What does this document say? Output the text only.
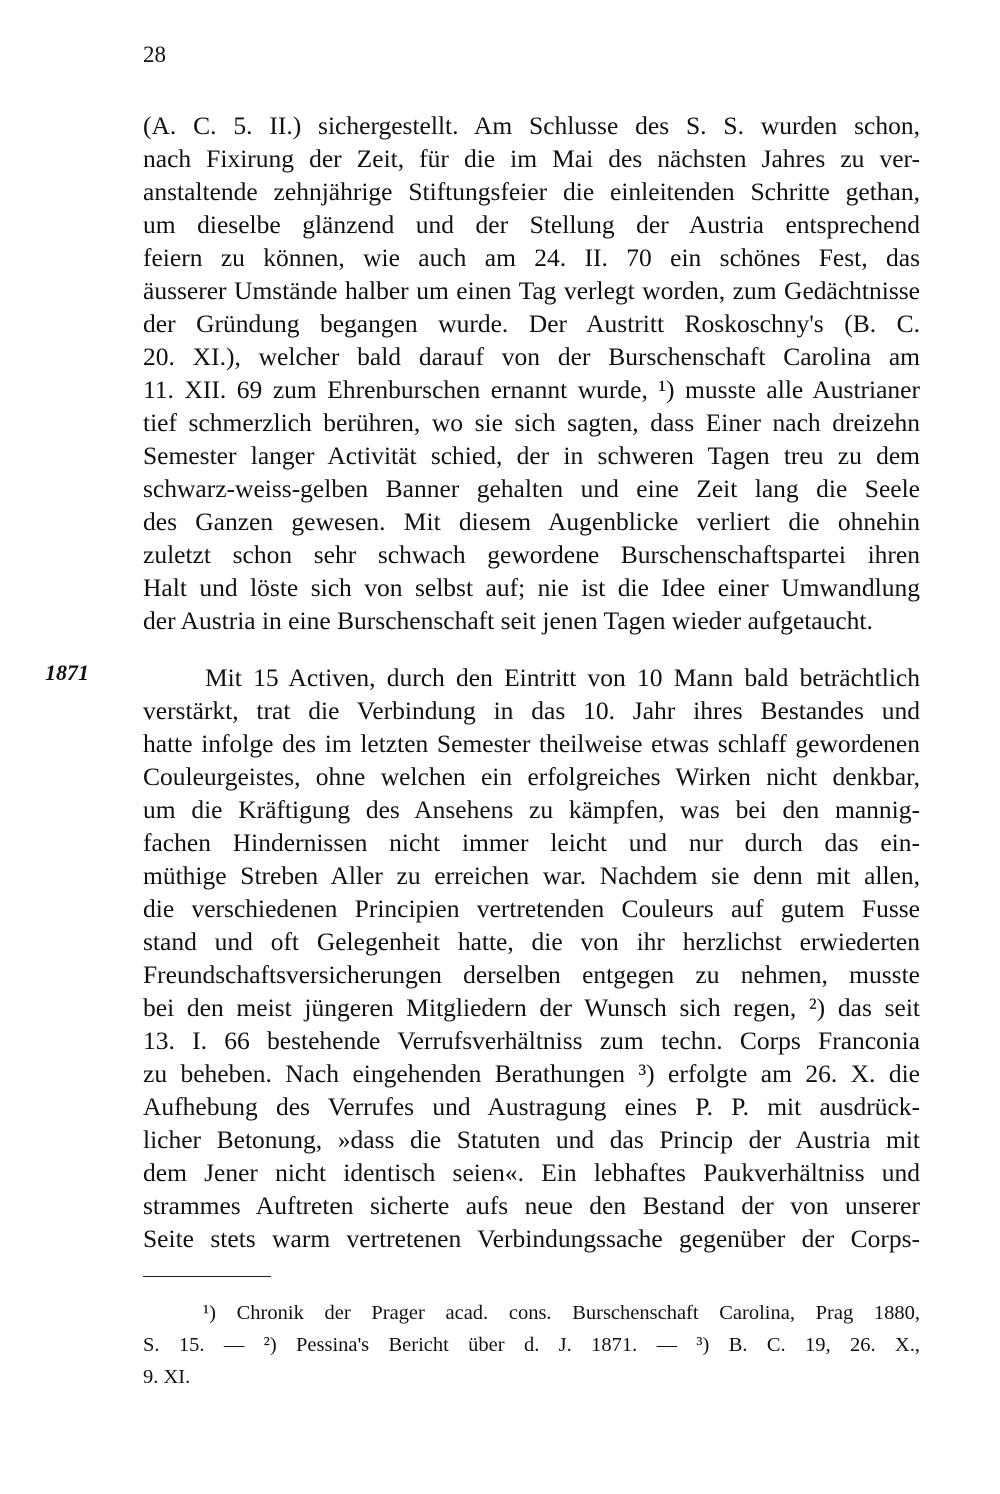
28
(A. C. 5. II.) sichergestellt. Am Schlusse des S. S. wurden schon,
nach Fixirung der Zeit, für die im Mai des nächsten Jahres zu ver-
anstaltende zehnjährige Stiftungsfeier die einleitenden Schritte gethan,
um dieselbe glänzend und der Stellung der Austria entsprechend
feiern zu können, wie auch am 24. II. 70 ein schönes Fest, das
äusserer Umstände halber um einen Tag verlegt worden, zum Gedächtnisse
der Gründung begangen wurde. Der Austritt Roskoschny's (B. C.
20. XI.), welcher bald darauf von der Burschenschaft Carolina am
11. XII. 69 zum Ehrenburschen ernannt wurde, ¹) musste alle Austrianer
tief schmerzlich berühren, wo sie sich sagten, dass Einer nach dreizehn
Semester langer Activität schied, der in schweren Tagen treu zu dem
schwarz-weiss-gelben Banner gehalten und eine Zeit lang die Seele
des Ganzen gewesen. Mit diesem Augenblicke verliert die ohnehin
zuletzt schon sehr schwach gewordene Burschenschaftspartei ihren
Halt und löste sich von selbst auf; nie ist die Idee einer Umwandlung
der Austria in eine Burschenschaft seit jenen Tagen wieder aufgetaucht.
1871	Mit 15 Activen, durch den Eintritt von 10 Mann bald beträchtlich
verstärkt, trat die Verbindung in das 10. Jahr ihres Bestandes und
hatte infolge des im letzten Semester theilweise etwas schlaff gewordenen
Couleurgeistes, ohne welchen ein erfolgreiches Wirken nicht denkbar,
um die Kräftigung des Ansehens zu kämpfen, was bei den mannig-
fachen Hindernissen nicht immer leicht und nur durch das ein-
müthige Streben Aller zu erreichen war. Nachdem sie denn mit allen,
die verschiedenen Principien vertretenden Couleurs auf gutem Fusse
stand und oft Gelegenheit hatte, die von ihr herzlichst erwiederten
Freundschaftsversicherungen derselben entgegen zu nehmen, musste
bei den meist jüngeren Mitgliedern der Wunsch sich regen, ²) das seit
13. I. 66 bestehende Verrufsverhältniss zum techn. Corps Franconia
zu beheben. Nach eingehenden Berathungen ³) erfolgte am 26. X. die
Aufhebung des Verrufes und Austragung eines P. P. mit ausdrück-
licher Betonung, »dass die Statuten und das Princip der Austria mit
dem Jener nicht identisch seien«. Ein lebhaftes Paukverhältniss und
strammes Auftreten sicherte aufs neue den Bestand der von unserer
Seite stets warm vertretenen Verbindungssache gegenüber der Corps-
¹) Chronik der Prager acad. cons. Burschenschaft Carolina, Prag 1880,
S. 15. — ²) Pessina's Bericht über d. J. 1871. — ³) B. C. 19, 26. X.,
9. XI.
